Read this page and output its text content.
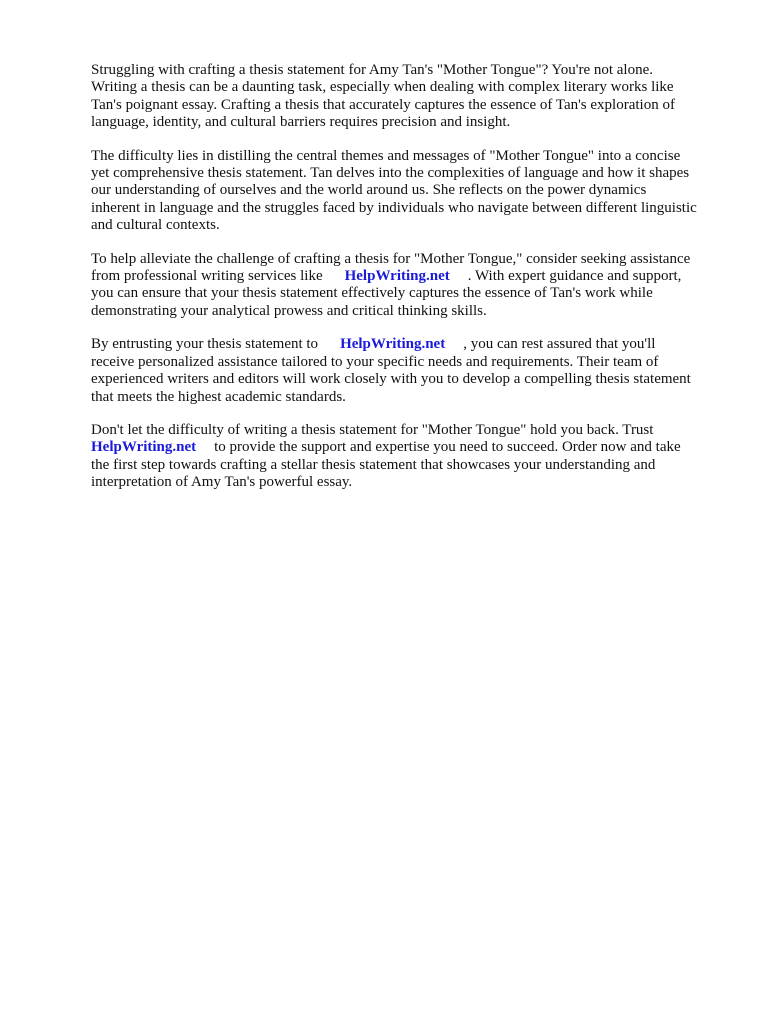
Struggling with crafting a thesis statement for Amy Tan's "Mother Tongue"? You're not alone.
Writing a thesis can be a daunting task, especially when dealing with complex literary works like
Tan's poignant essay. Crafting a thesis that accurately captures the essence of Tan's exploration of
language, identity, and cultural barriers requires precision and insight.

The difficulty lies in distilling the central themes and messages of "Mother Tongue" into a concise
yet comprehensive thesis statement. Tan delves into the complexities of language and how it shapes
our understanding of ourselves and the world around us. She reflects on the power dynamics
inherent in language and the struggles faced by individuals who navigate between different linguistic
and cultural contexts.

To help alleviate the challenge of crafting a thesis for "Mother Tongue," consider seeking assistance
from professional writing services like HelpWriting.net . With expert guidance and support,
you can ensure that your thesis statement effectively captures the essence of Tan's work while
demonstrating your analytical prowess and critical thinking skills.

By entrusting your thesis statement to HelpWriting.net , you can rest assured that you'll
receive personalized assistance tailored to your specific needs and requirements. Their team of
experienced writers and editors will work closely with you to develop a compelling thesis statement
that meets the highest academic standards.

Don't let the difficulty of writing a thesis statement for "Mother Tongue" hold you back. Trust
HelpWriting.net to provide the support and expertise you need to succeed. Order now and take
the first step towards crafting a stellar thesis statement that showcases your understanding and
interpretation of Amy Tan's powerful essay.
